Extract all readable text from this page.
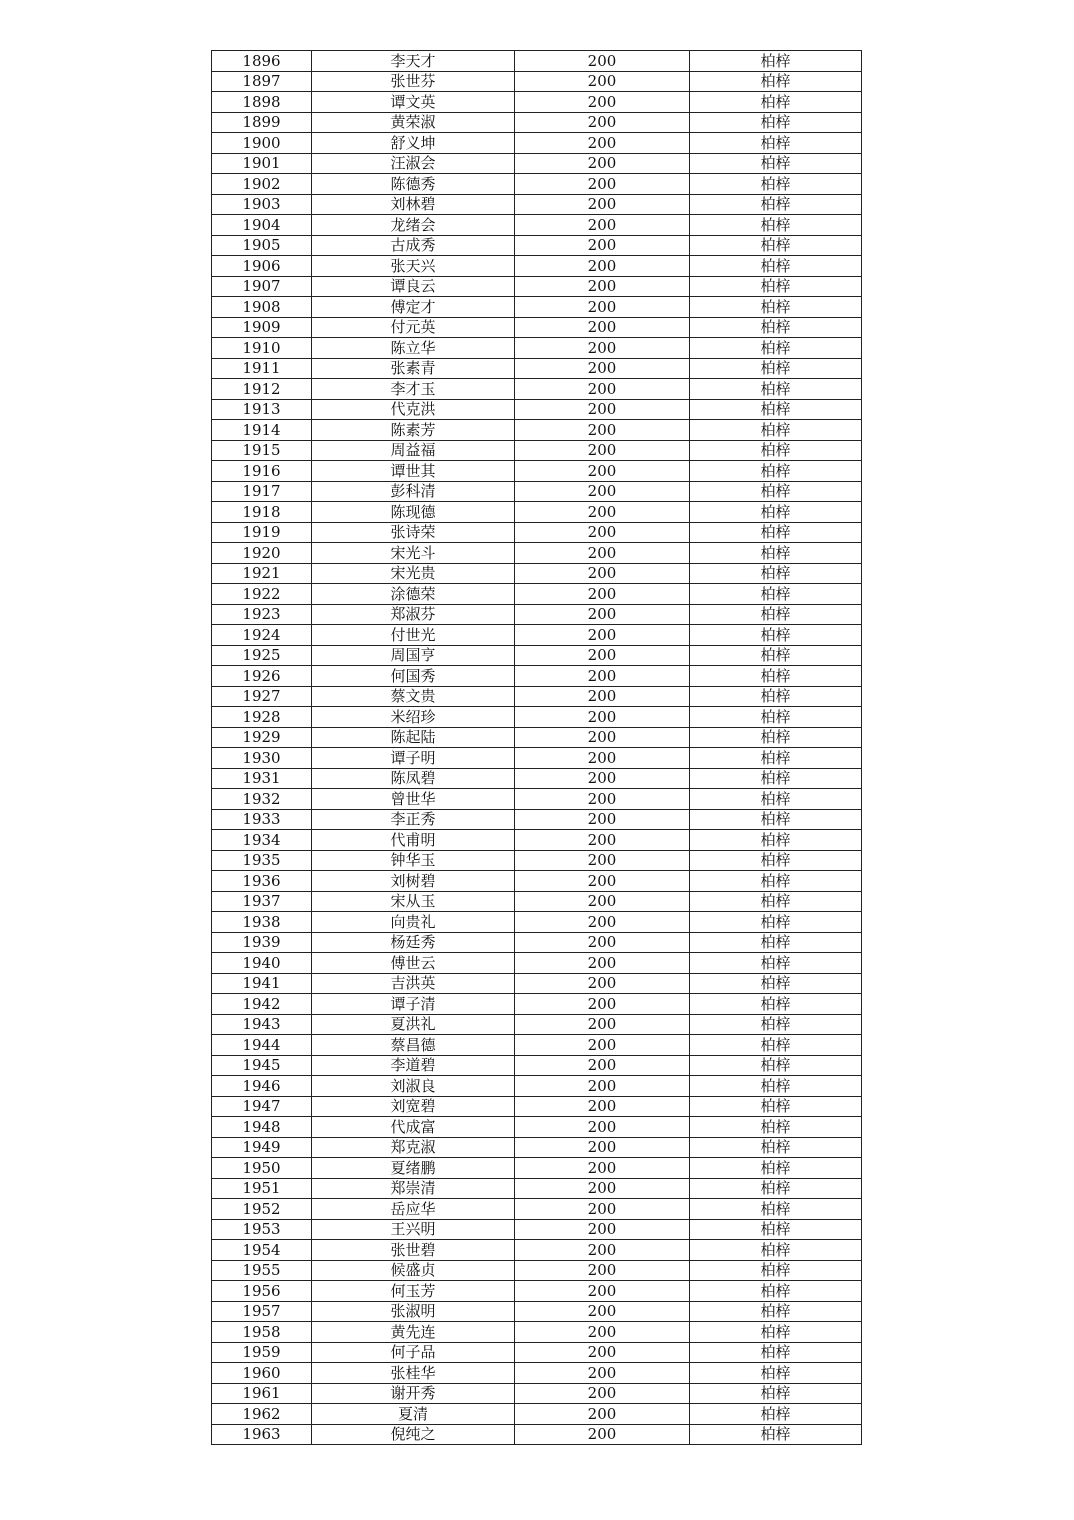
1896	李天才	200	柏梓
1897	张世芬	200	柏梓
1898	谭文英	200	柏梓
1899	黄荣淑	200	柏梓
1900	舒义坤	200	柏梓
1901	汪淑会	200	柏梓
1902	陈德秀	200	柏梓
1903	刘林碧	200	柏梓
1904	龙绪会	200	柏梓
1905	古成秀	200	柏梓
1906	张天兴	200	柏梓
1907	谭良云	200	柏梓
1908	傅定才	200	柏梓
1909	付元英	200	柏梓
1910	陈立华	200	柏梓
1911	张素青	200	柏梓
1912	李才玉	200	柏梓
1913	代克洪	200	柏梓
1914	陈素芳	200	柏梓
1915	周益福	200	柏梓
1916	谭世其	200	柏梓
1917	彭科清	200	柏梓
1918	陈现德	200	柏梓
1919	张诗荣	200	柏梓
1920	宋光斗	200	柏梓
1921	宋光贵	200	柏梓
1922	涂德荣	200	柏梓
1923	郑淑芬	200	柏梓
1924	付世光	200	柏梓
1925	周国亨	200	柏梓
1926	何国秀	200	柏梓
1927	蔡文贵	200	柏梓
1928	米绍珍	200	柏梓
1929	陈起陆	200	柏梓
1930	谭子明	200	柏梓
1931	陈凤碧	200	柏梓
1932	曾世华	200	柏梓
1933	李正秀	200	柏梓
1934	代甫明	200	柏梓
1935	钟华玉	200	柏梓
1936	刘树碧	200	柏梓
1937	宋从玉	200	柏梓
1938	向贵礼	200	柏梓
1939	杨廷秀	200	柏梓
1940	傅世云	200	柏梓
1941	吉洪英	200	柏梓
1942	谭子清	200	柏梓
1943	夏洪礼	200	柏梓
1944	蔡昌德	200	柏梓
1945	李道碧	200	柏梓
1946	刘淑良	200	柏梓
1947	刘宽碧	200	柏梓
1948	代成富	200	柏梓
1949	郑克淑	200	柏梓
1950	夏绪鹏	200	柏梓
1951	郑崇清	200	柏梓
1952	岳应华	200	柏梓
1953	王兴明	200	柏梓
1954	张世碧	200	柏梓
1955	候盛贞	200	柏梓
1956	何玉芳	200	柏梓
1957	张淑明	200	柏梓
1958	黄先连	200	柏梓
1959	何子品	200	柏梓
1960	张桂华	200	柏梓
1961	谢开秀	200	柏梓
1962	夏清	200	柏梓
1963	倪纯之	200	柏梓
